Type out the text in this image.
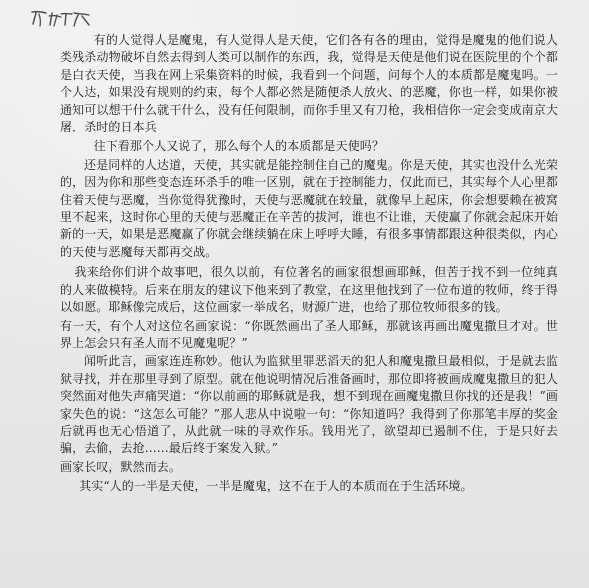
有的人觉得人是魔鬼，有人觉得人是天使，它们各有各的理由，觉得是魔鬼的他们说人类残杀动物破坏自然去得到人类可以制作的东西，我，觉得是天使是他们说在医院里的个个都是白衣天使，当我在网上采集资料的时候，我看到一个问题，问每个人的本质都是魔鬼吗。一个人达，如果没有规则的约束，每个人都必然是随便杀人放火、的恶魔，你也一样，如果你被通知可以想干什么就干什么，没有任何限制，而你手里又有刀枪，我相信你一定会变成南京大屠．杀时的日本兵

往下看那个人又说了，那么每个人的本质都是天使吗？

还是同样的人达道，天使，其实就是能控制住自己的魔鬼。你是天使，其实也没什么光荣的，因为你和那些变态连环杀手的唯一区别，就在于控制能力，仅此而已，其实每个人心里都住着天使与恶魔，当你觉得犹豫时，天使与恶魔就在较量，就像早上起床，你会想要赖在被窝里不起来，这时你心里的天使与恶魔正在辛苦的拔河，谁也不让谁，天使赢了你就会起床开始新的一天，如果是恶魔赢了你就会继续躺在床上呼呼大睡，有很多事情都跟这种很类似，内心的天使与恶魔每天都再交战。

我来给你们讲个故事吧，很久以前，有位著名的画家很想画耶稣，但苦于找不到一位纯真的人来做模特。后来在朋友的建议下他来到了教堂，在这里他找到了一位布道的牧师，终于得以如愿。耶稣像完成后，这位画家一举成名，财源广进，也给了那位牧师很多的钱。

有一天，有个人对这位名画家说：“你既然画出了圣人耶稣，那就该再画出魔鬼撒旦才对。世界上怎会只有圣人而不见魔鬼呢？”

闻听此言，画家连连称妙。他认为监狱里罪恶滔天的犯人和魔鬼撒旦最相似，于是就去监狱寻找，并在那里寻到了原型。就在他说明情况后准备画时，那位即将被画成魔鬼撒旦的犯人突然面对他失声痛哭道：“你以前画的耶稣就是我，想不到现在画魔鬼撒旦你找的还是我！”画家失色的说：“这怎么可能？”那人悲从中说啦一句：“你知道吗？我得到了你那笔丰厚的奖金后就再也无心悟道了，从此就一味的寻欢作乐。钱用光了，欲望却已遏制不住，于是只好去骗，去偷，去抢……最后终于案发入狱。”

画家长叹，默然而去。

其实“人的一半是天使，一半是魔鬼，这不在于人的本质而在于生活环境。
